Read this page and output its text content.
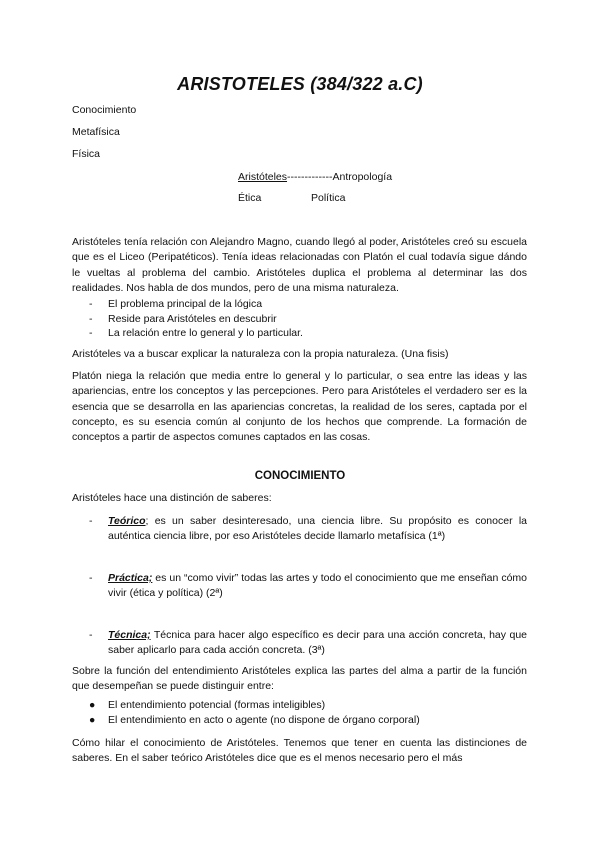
ARISTOTELES (384/322 a.C)
Conocimiento
Metafísica
Física
Aristóteles-------------Antropología
Ética	Política

Aristóteles tenía relación con Alejandro Magno, cuando llegó al poder, Aristóteles creó su escuela que es el Liceo (Peripatéticos). Tenía ideas relacionadas con Platón el cual todavía sigue dándo le vueltas al problema del cambio. Aristóteles duplica el problema al determinar las dos realidades. Nos habla de dos mundos, pero de una misma naturaleza.

- El problema principal de la lógica
- Reside para Aristóteles en descubrir
- La relación entre lo general y lo particular.

Aristóteles va a buscar explicar la naturaleza con la propia naturaleza. (Una fisis)

Platón niega la relación que media entre lo general y lo particular, o sea entre las ideas y las apariencias, entre los conceptos y las percepciones. Pero para Aristóteles el verdadero ser es la esencia que se desarrolla en las apariencias concretas, la realidad de los seres, captada por el concepto, es su esencia común al conjunto de los hechos que comprende. La formación de conceptos a partir de aspectos comunes captados en las cosas.

CONOCIMIENTO

Aristóteles hace una distinción de saberes:

- Teórico; es un saber desinteresado, una ciencia libre. Su propósito es conocer la auténtica ciencia libre, por eso Aristóteles decide llamarlo metafísica (1ª)
- Práctica; es un “como vivir” todas las artes y todo el conocimiento que me enseñan cómo vivir (ética y política) (2ª)
- Técnica; Técnica para hacer algo específico es decir para una acción concreta, hay que saber aplicarlo para cada acción concreta. (3ª)

Sobre la función del entendimiento Aristóteles explica las partes del alma a partir de la función que desempeñan se puede distinguir entre:

● El entendimiento potencial (formas inteligibles)
● El entendimiento en acto o agente (no dispone de órgano corporal)

Cómo hilar el conocimiento de Aristóteles. Tenemos que tener en cuenta las distinciones de saberes. En el saber teórico Aristóteles dice que es el menos necesario pero el más
